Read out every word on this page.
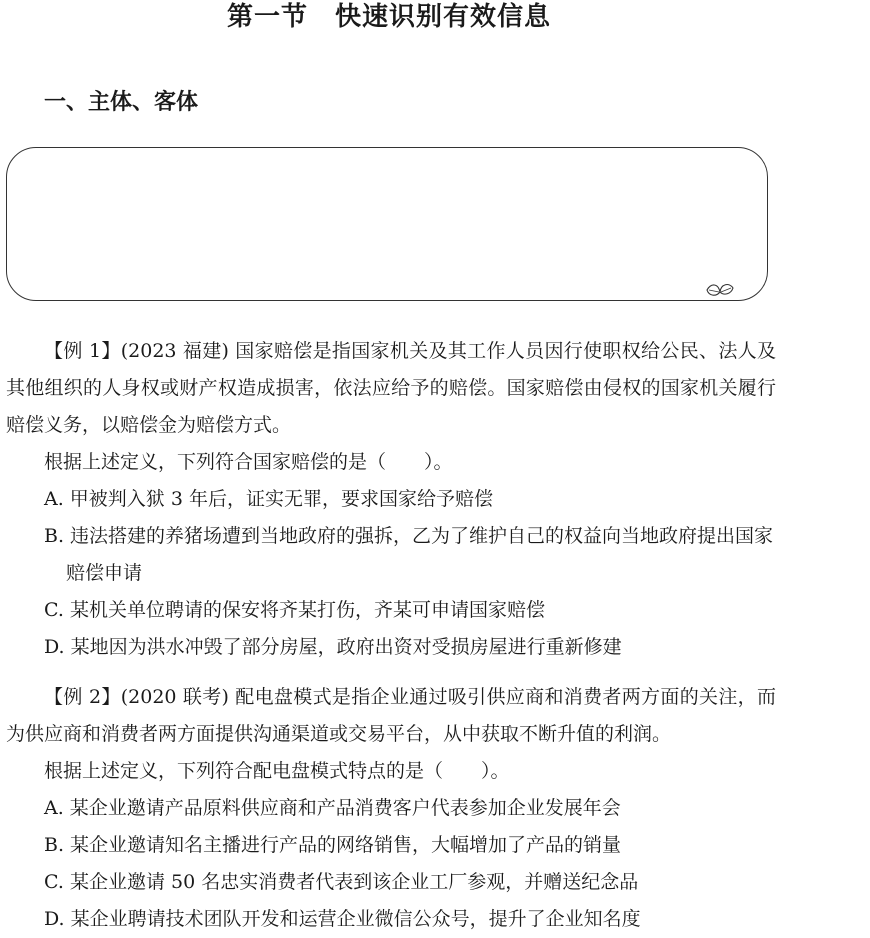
第一节　快速识别有效信息
一、主体、客体

【例 1】(2023 福建) 国家赔偿是指国家机关及其工作人员因行使职权给公民、法人及其他组织的人身权或财产权造成损害，依法应给予的赔偿。国家赔偿由侵权的国家机关履行赔偿义务，以赔偿金为赔偿方式。

根据上述定义，下列符合国家赔偿的是（　　）。

A. 甲被判入狱 3 年后，证实无罪，要求国家给予赔偿

B. 违法搭建的养猪场遭到当地政府的强拆，乙为了维护自己的权益向当地政府提出国家赔偿申请

C. 某机关单位聘请的保安将齐某打伤，齐某可申请国家赔偿

D. 某地因为洪水冲毁了部分房屋，政府出资对受损房屋进行重新修建

【例 2】(2020 联考) 配电盘模式是指企业通过吸引供应商和消费者两方面的关注，而为供应商和消费者两方面提供沟通渠道或交易平台，从中获取不断升值的利润。

根据上述定义，下列符合配电盘模式特点的是（　　）。

A. 某企业邀请产品原料供应商和产品消费客户代表参加企业发展年会

B. 某企业邀请知名主播进行产品的网络销售，大幅增加了产品的销量

C. 某企业邀请 50 名忠实消费者代表到该企业工厂参观，并赠送纪念品

D. 某企业聘请技术团队开发和运营企业微信公众号，提升了企业知名度
